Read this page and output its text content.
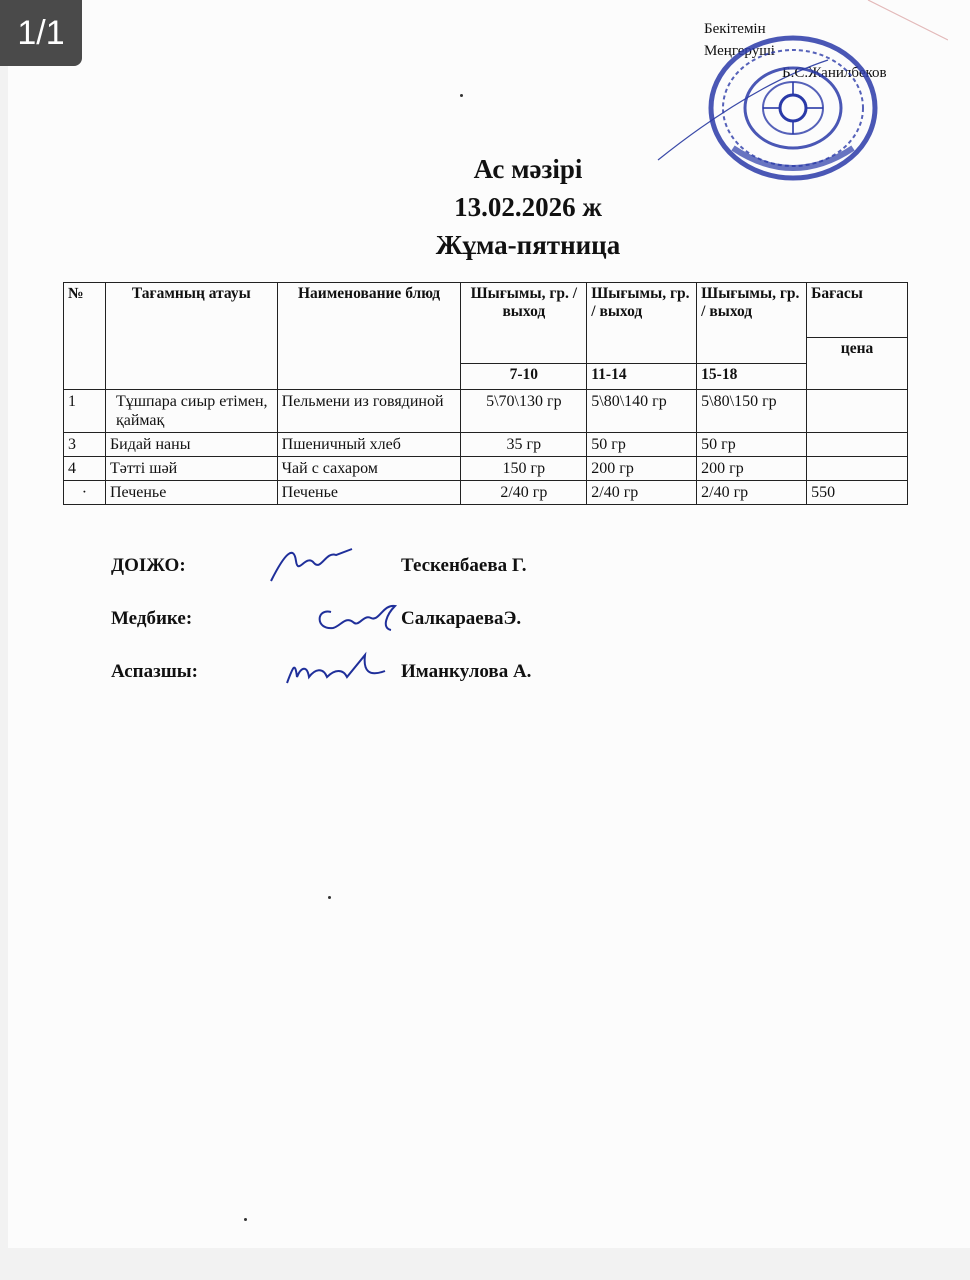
Бекітемін
Меңгеруші
Б.С.Жанилбеков
Ас мәзірі
13.02.2026 ж
Жұма-пятница
№	Тағамның атауы	Наименование блюд	Шығымы, гр. / выход	Шығымы, гр. / выход	Шығымы, гр. / выход	Бағасы
						цена
			7-10	11-14	15-18	
1	Тұшпара сиыр етімен, қаймақ	Пельмени из говядиной	5\70\130 гр	5\80\140 гр	5\80\150 гр	
3	Бидай наны	Пшеничный хлеб	35 гр	50 гр	50 гр	
4	Тәтті шәй	Чай с сахаром	150 гр	200 гр	200 гр	
·	Печенье	Печенье	2/40 гр	2/40 гр	2/40 гр	550
ДОІЖО:	Тескенбаева Г.
Медбике:	СалкараеваЭ.
Аспазшы:	Иманкулова А.
1/1
